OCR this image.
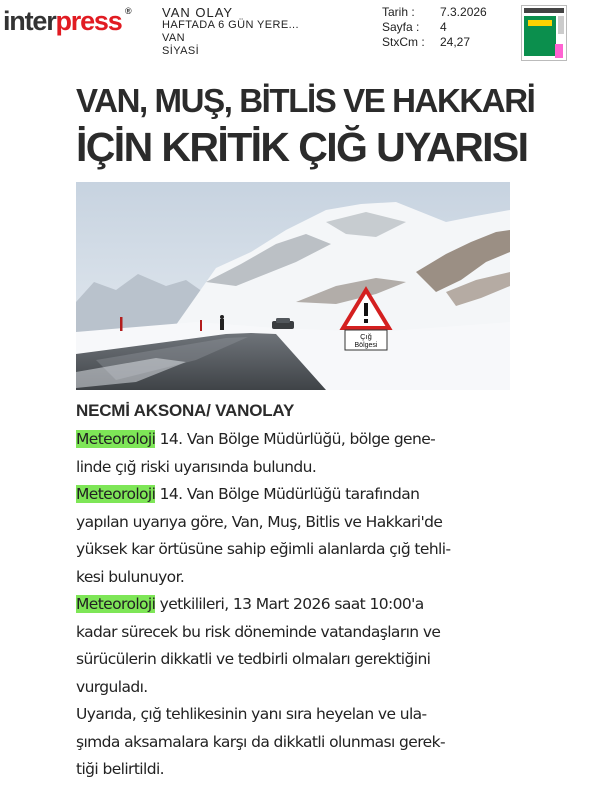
interpress ® VAN OLAY
HAFTADA 6 GÜN YERE...
VAN
SİYASİ
Tarih : 7.3.2026
Sayfa : 4
StxCm : 24,27
VAN, MUŞ, BİTLİS VE HAKKARİ
İÇİN KRİTİK ÇIĞ UYARISI
Çığ
Bölgesi
NECMİ AKSONA/ VANOLAY
Meteoroloji 14. Van Bölge Müdürlüğü, bölge gene-
linde çığ riski uyarısında bulundu.
Meteoroloji 14. Van Bölge Müdürlüğü tarafından
yapılan uyarıya göre, Van, Muş, Bitlis ve Hakkari'de
yüksek kar örtüsüne sahip eğimli alanlarda çığ tehli-
kesi bulunuyor.
Meteoroloji yetkilileri, 13 Mart 2026 saat 10:00'a
kadar sürecek bu risk döneminde vatandaşların ve
sürücülerin dikkatli ve tedbirli olmaları gerektiğini
vurguladı.
Uyarıda, çığ tehlikesinin yanı sıra heyelan ve ula-
şımda aksamalara karşı da dikkatli olunması gerek-
tiği belirtildi.
